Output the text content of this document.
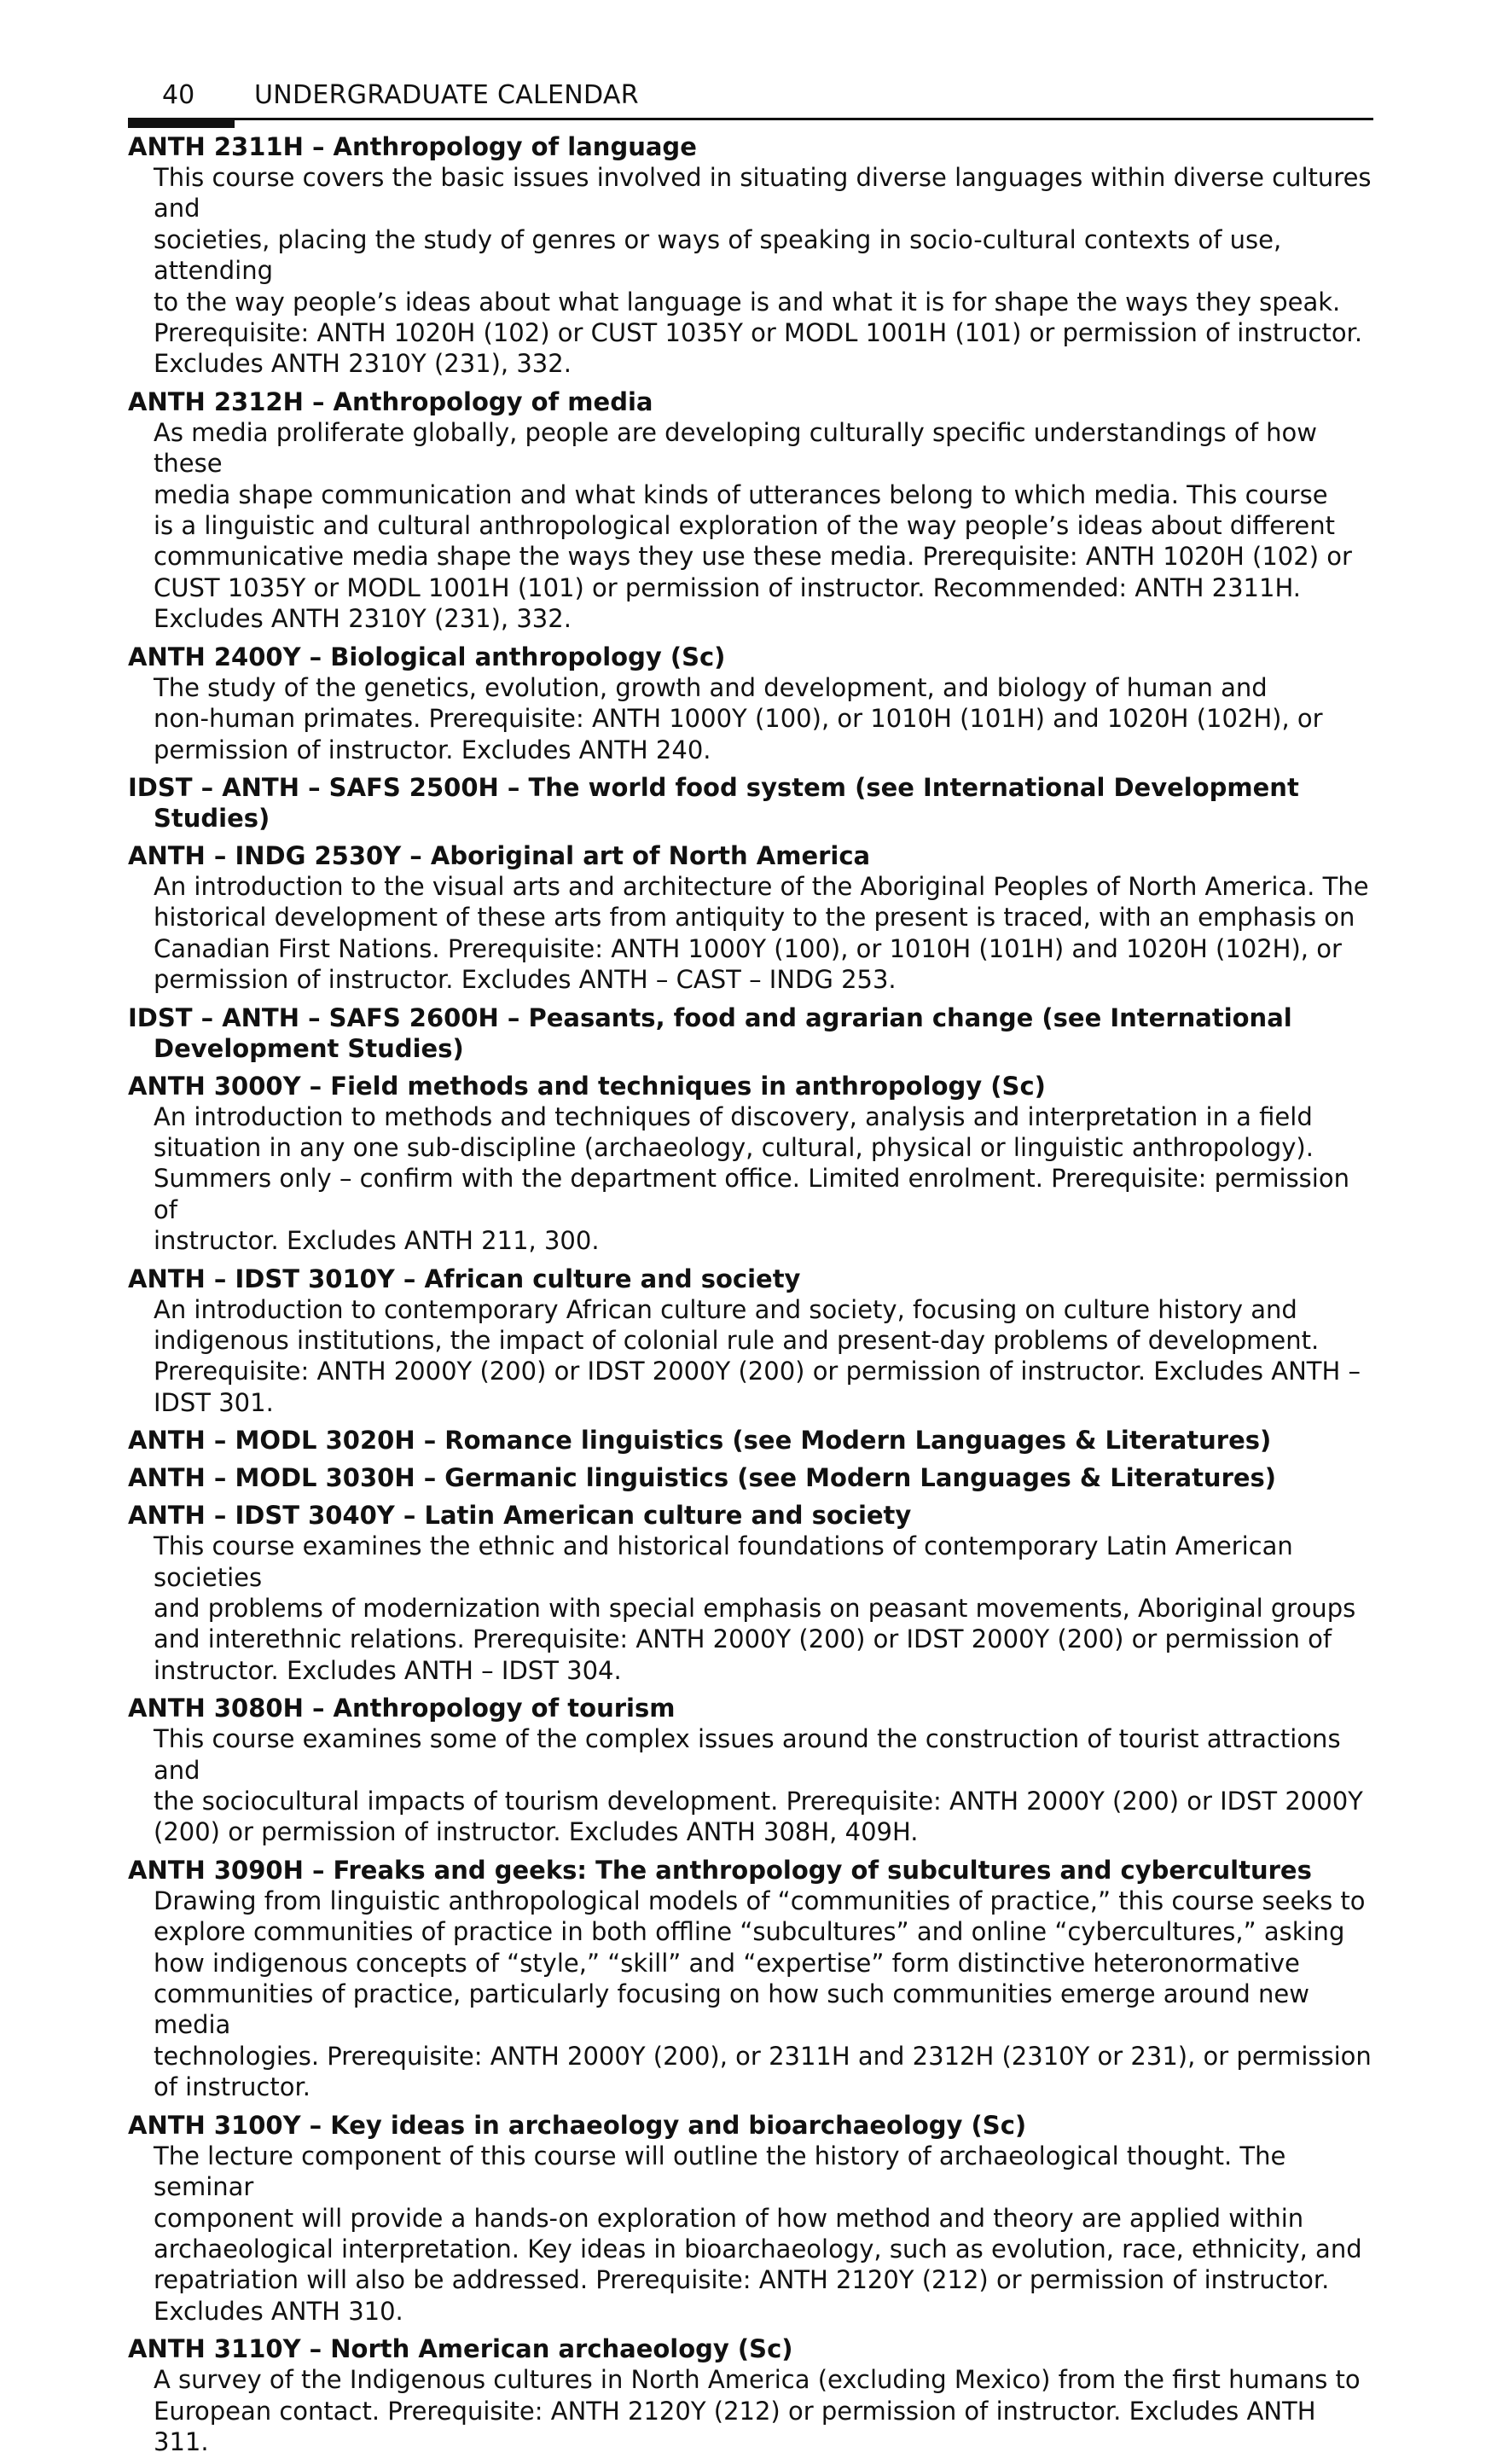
40 UNDERGRADUATE CALENDAR

ANTH 2311H – Anthropology of language

This course covers the basic issues involved in situating diverse languages within diverse cultures and
societies, placing the study of genres or ways of speaking in socio-cultural contexts of use, attending
to the way people’s ideas about what language is and what it is for shape the ways they speak.
Prerequisite: ANTH 1020H (102) or CUST 1035Y or MODL 1001H (101) or permission of instructor.
Excludes ANTH 2310Y (231), 332.

ANTH 2312H – Anthropology of media

As media proliferate globally, people are developing culturally specific understandings of how these
media shape communication and what kinds of utterances belong to which media. This course
is a linguistic and cultural anthropological exploration of the way people’s ideas about different
communicative media shape the ways they use these media. Prerequisite: ANTH 1020H (102) or
CUST 1035Y or MODL 1001H (101) or permission of instructor. Recommended: ANTH 2311H.
Excludes ANTH 2310Y (231), 332.

ANTH 2400Y – Biological anthropology (Sc)

The study of the genetics, evolution, growth and development, and biology of human and
non-human primates. Prerequisite: ANTH 1000Y (100), or 1010H (101H) and 1020H (102H), or
permission of instructor. Excludes ANTH 240.

IDST – ANTH – SAFS 2500H – The world food system (see International Development Studies)

ANTH – INDG 2530Y – Aboriginal art of North America

An introduction to the visual arts and architecture of the Aboriginal Peoples of North America. The
historical development of these arts from antiquity to the present is traced, with an emphasis on
Canadian First Nations. Prerequisite: ANTH 1000Y (100), or 1010H (101H) and 1020H (102H), or
permission of instructor. Excludes ANTH – CAST – INDG 253.

IDST – ANTH – SAFS 2600H – Peasants, food and agrarian change (see International
Development Studies)

ANTH 3000Y – Field methods and techniques in anthropology (Sc)

An introduction to methods and techniques of discovery, analysis and interpretation in a field
situation in any one sub-discipline (archaeology, cultural, physical or linguistic anthropology).
Summers only – confirm with the department office. Limited enrolment. Prerequisite: permission of
instructor. Excludes ANTH 211, 300.

ANTH – IDST 3010Y – African culture and society

An introduction to contemporary African culture and society, focusing on culture history and
indigenous institutions, the impact of colonial rule and present-day problems of development.
Prerequisite: ANTH 2000Y (200) or IDST 2000Y (200) or permission of instructor. Excludes ANTH –
IDST 301.

ANTH – MODL 3020H – Romance linguistics (see Modern Languages & Literatures)

ANTH – MODL 3030H – Germanic linguistics (see Modern Languages & Literatures)

ANTH – IDST 3040Y – Latin American culture and society

This course examines the ethnic and historical foundations of contemporary Latin American societies
and problems of modernization with special emphasis on peasant movements, Aboriginal groups
and interethnic relations. Prerequisite: ANTH 2000Y (200) or IDST 2000Y (200) or permission of
instructor. Excludes ANTH – IDST 304.

ANTH 3080H – Anthropology of tourism

This course examines some of the complex issues around the construction of tourist attractions and
the sociocultural impacts of tourism development. Prerequisite: ANTH 2000Y (200) or IDST 2000Y
(200) or permission of instructor. Excludes ANTH 308H, 409H.

ANTH 3090H – Freaks and geeks: The anthropology of subcultures and cybercultures

Drawing from linguistic anthropological models of “communities of practice,” this course seeks to
explore communities of practice in both offline “subcultures” and online “cybercultures,” asking
how indigenous concepts of “style,” “skill” and “expertise” form distinctive heteronormative
communities of practice, particularly focusing on how such communities emerge around new media
technologies. Prerequisite: ANTH 2000Y (200), or 2311H and 2312H (2310Y or 231), or permission
of instructor.

ANTH 3100Y – Key ideas in archaeology and bioarchaeology (Sc)

The lecture component of this course will outline the history of archaeological thought. The seminar
component will provide a hands-on exploration of how method and theory are applied within
archaeological interpretation. Key ideas in bioarchaeology, such as evolution, race, ethnicity, and
repatriation will also be addressed. Prerequisite: ANTH 2120Y (212) or permission of instructor.
Excludes ANTH 310.

ANTH 3110Y – North American archaeology (Sc)

A survey of the Indigenous cultures in North America (excluding Mexico) from the first humans to
European contact. Prerequisite: ANTH 2120Y (212) or permission of instructor. Excludes ANTH 311.
